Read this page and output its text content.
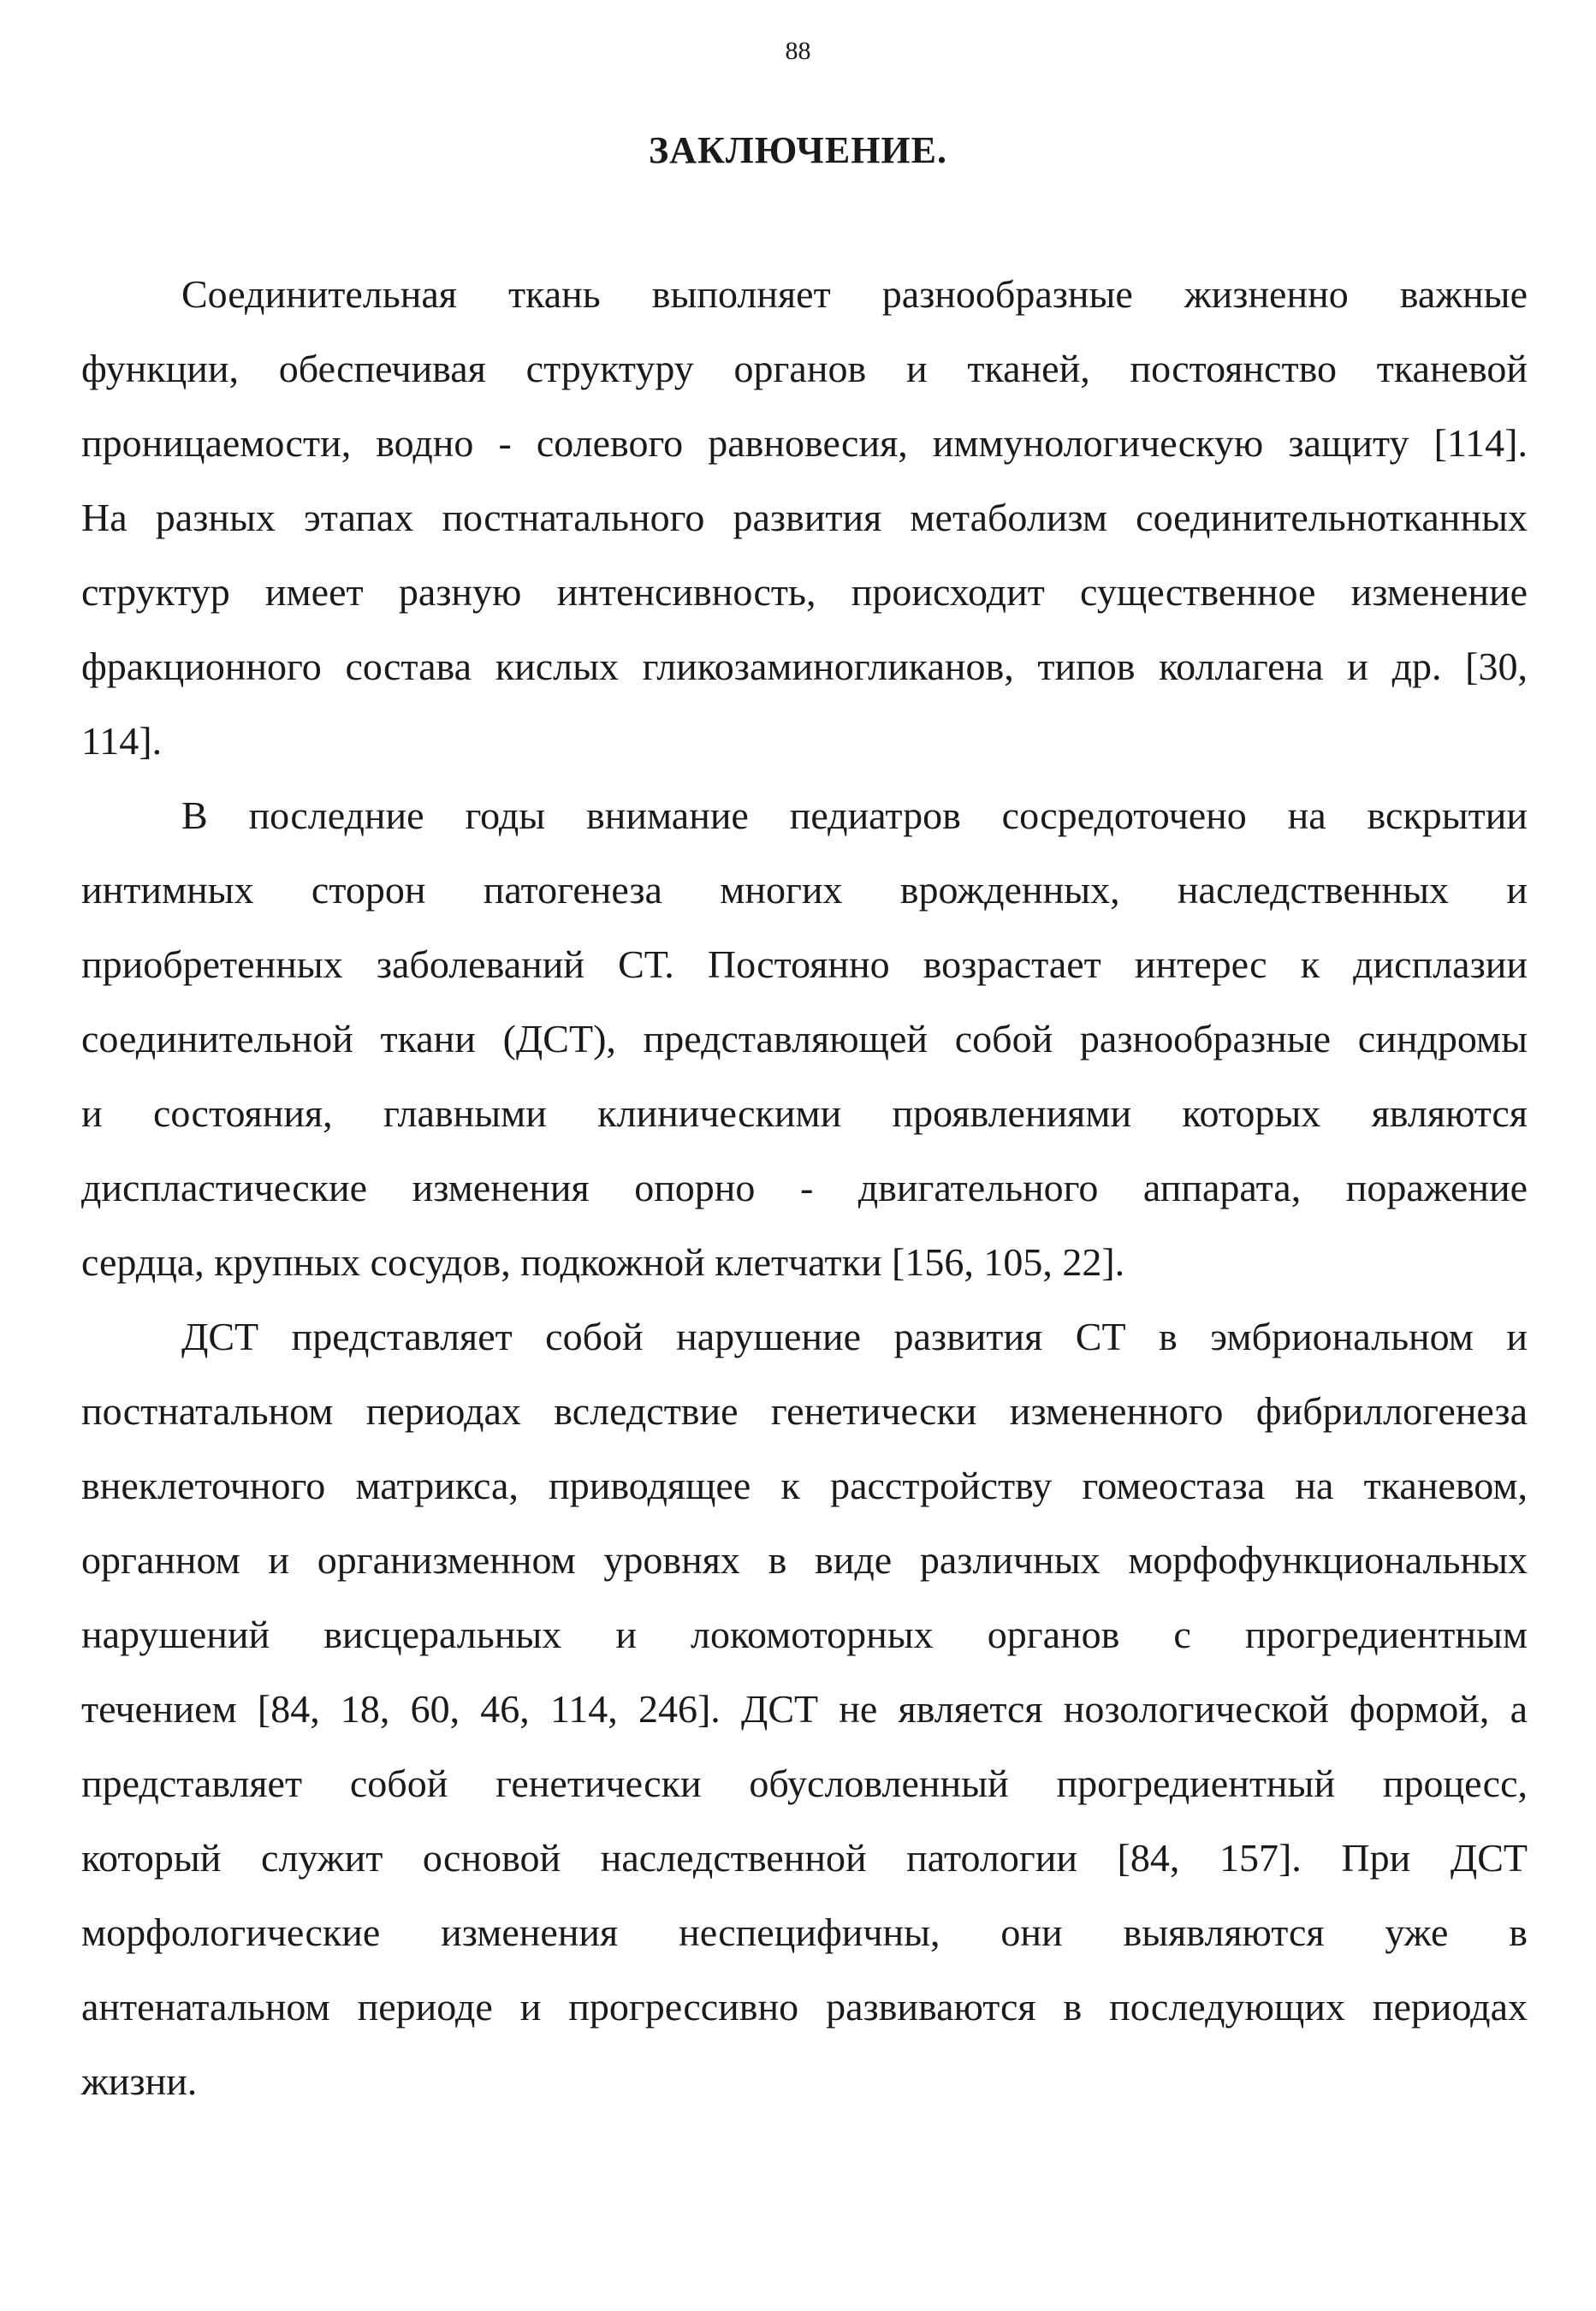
88
ЗАКЛЮЧЕНИЕ.
Соединительная ткань выполняет разнообразные жизненно важные
функции, обеспечивая структуру органов и тканей, постоянство тканевой
проницаемости, водно - солевого равновесия, иммунологическую защиту [114].
На разных этапах постнатального развития метаболизм соединительнотканных
структур имеет разную интенсивность, происходит существенное изменение
фракционного состава кислых гликозаминогликанов, типов коллагена и др. [30,
114].
В последние годы внимание педиатров сосредоточено на вскрытии
интимных сторон патогенеза многих врожденных, наследственных и
приобретенных заболеваний СТ. Постоянно возрастает интерес к дисплазии
соединительной ткани (ДСТ), представляющей собой разнообразные синдромы
и состояния, главными клиническими проявлениями которых являются
диспластические изменения опорно - двигательного аппарата, поражение
сердца, крупных сосудов, подкожной клетчатки [156, 105, 22].
ДСТ представляет собой нарушение развития СТ в эмбриональном и
постнатальном периодах вследствие генетически измененного фибриллогенеза
внеклеточного матрикса, приводящее к расстройству гомеостаза на тканевом,
органном и организменном уровнях в виде различных морфофункциональных
нарушений висцеральных и локомоторных органов с прогредиентным
течением [84, 18, 60, 46, 114, 246]. ДСТ не является нозологической формой, а
представляет собой генетически обусловленный прогредиентный процесс,
который служит основой наследственной патологии [84, 157]. При ДСТ
морфологические изменения неспецифичны, они выявляются уже в
антенатальном периоде и прогрессивно развиваются в последующих периодах
жизни.
